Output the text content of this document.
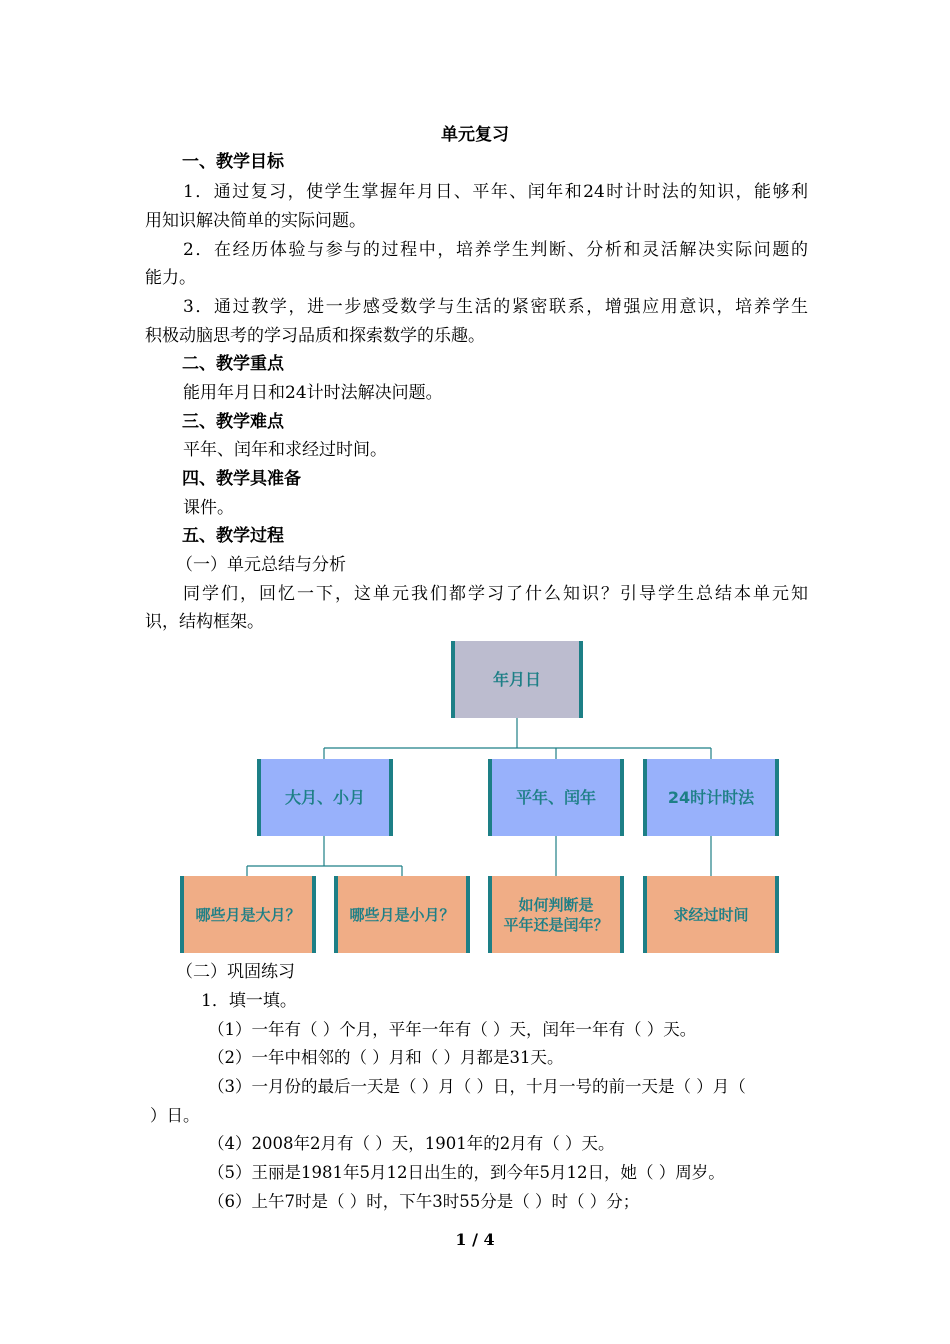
单元复习
一、教学目标
1．通过复习，使学生掌握年月日、平年、闰年和24时计时法的知识，能够利
用知识解决简单的实际问题。
2．在经历体验与参与的过程中，培养学生判断、分析和灵活解决实际问题的
能力。
3．通过教学，进一步感受数学与生活的紧密联系，增强应用意识，培养学生
积极动脑思考的学习品质和探索数学的乐趣。
二、教学重点
能用年月日和24计时法解决问题。
三、教学难点
平年、闰年和求经过时间。
四、教学具准备
课件。
五、教学过程
（一）单元总结与分析
同学们，回忆一下，这单元我们都学习了什么知识？引导学生总结本单元知
识，结构框架。
年月日
大月、小月	平年、闰年	24时计时法
哪些月是大月？	哪些月是小月？
如何判断是
平年还是闰年？
求经过时间
（二）巩固练习
1．填一填。
（1）一年有（ ）个月，平年一年有（ ）天，闰年一年有（ ）天。
（2）一年中相邻的（ ）月和（ ）月都是31天。
（3）一月份的最后一天是（ ）月（ ）日，十月一号的前一天是（ ）月（
）日。
（4）2008年2月有（ ）天，1901年的2月有（ ）天。
（5）王丽是1981年5月12日出生的，到今年5月12日，她（ ）周岁。
（6）上午7时是（ ）时，下午3时55分是（ ）时（ ）分；
1 / 4
